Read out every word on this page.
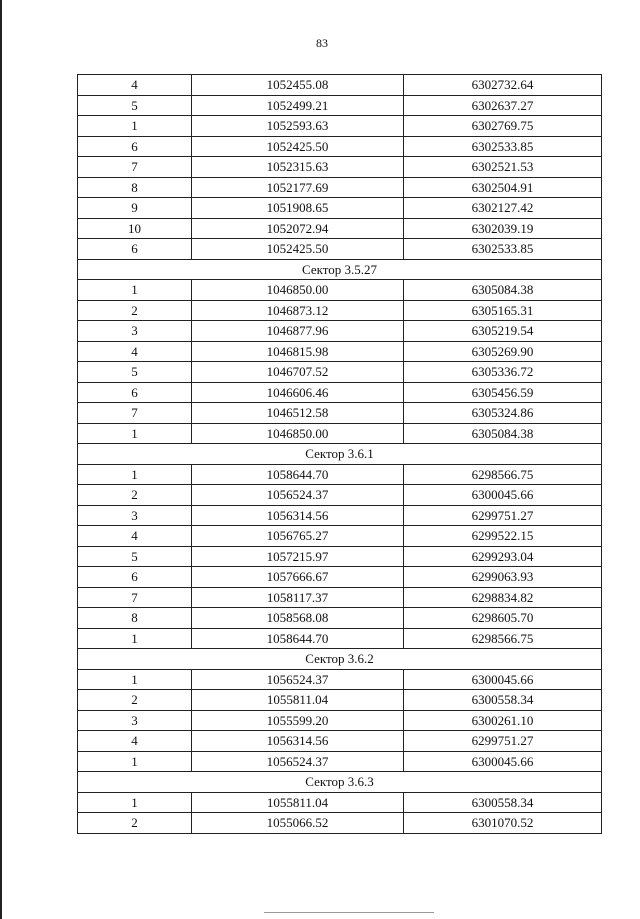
83
4	1052455.08	6302732.64
5	1052499.21	6302637.27
1	1052593.63	6302769.75
6	1052425.50	6302533.85
7	1052315.63	6302521.53
8	1052177.69	6302504.91
9	1051908.65	6302127.42
10	1052072.94	6302039.19
6	1052425.50	6302533.85
Сектор 3.5.27		
1	1046850.00	6305084.38
2	1046873.12	6305165.31
3	1046877.96	6305219.54
4	1046815.98	6305269.90
5	1046707.52	6305336.72
6	1046606.46	6305456.59
7	1046512.58	6305324.86
1	1046850.00	6305084.38
Сектор 3.6.1		
1	1058644.70	6298566.75
2	1056524.37	6300045.66
3	1056314.56	6299751.27
4	1056765.27	6299522.15
5	1057215.97	6299293.04
6	1057666.67	6299063.93
7	1058117.37	6298834.82
8	1058568.08	6298605.70
1	1058644.70	6298566.75
Сектор 3.6.2		
1	1056524.37	6300045.66
2	1055811.04	6300558.34
3	1055599.20	6300261.10
4	1056314.56	6299751.27
1	1056524.37	6300045.66
Сектор 3.6.3		
1	1055811.04	6300558.34
2	1055066.52	6301070.52
